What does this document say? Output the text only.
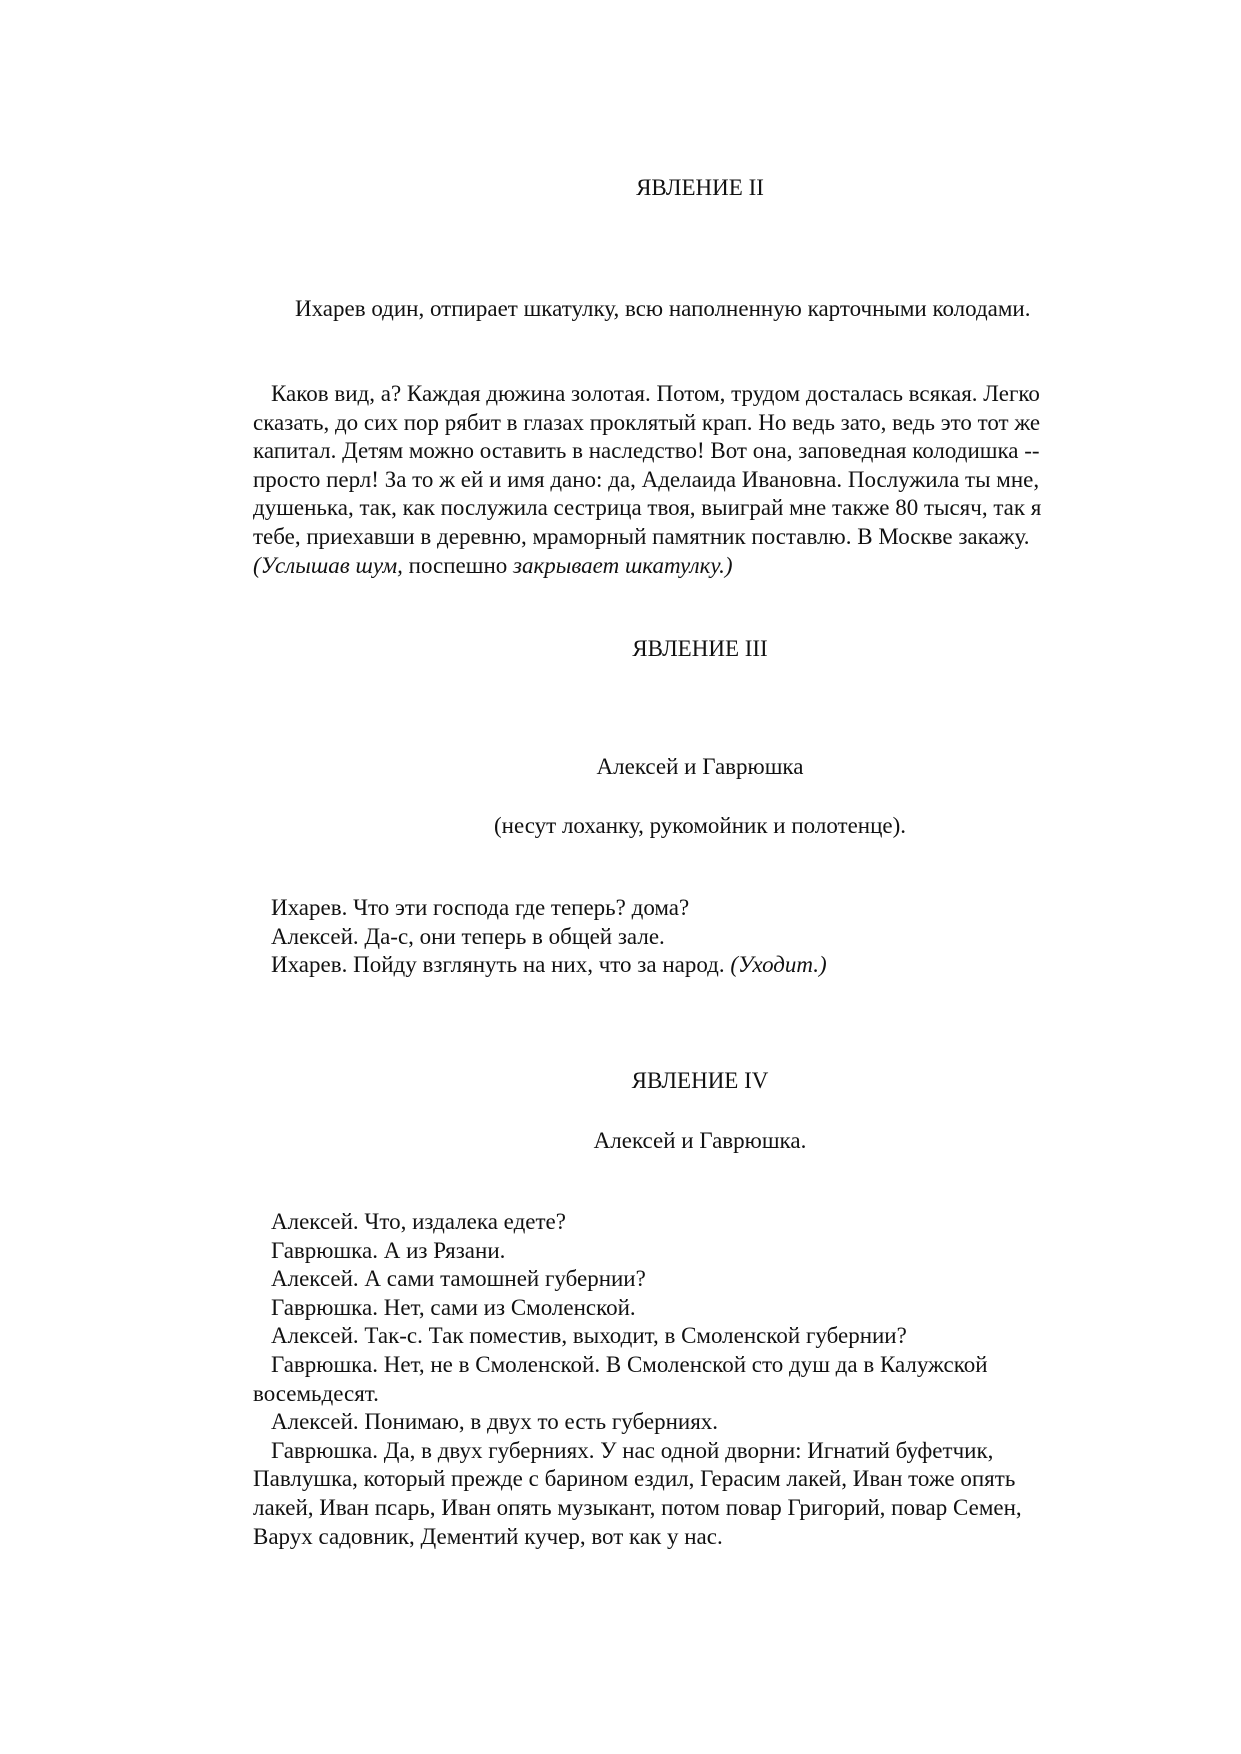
ЯВЛЕНИЕ II
Ихарев один, отпирает шкатулку, всю наполненную карточными колодами.
Каков вид, а? Каждая дюжина золотая. Потом, трудом досталась всякая. Легко
сказать, до сих пор рябит в глазах проклятый крап. Но ведь зато, ведь это тот же
капитал. Детям можно оставить в наследство! Вот она, заповедная колодишка --
просто перл! За то ж ей и имя дано: да, Аделаида Ивановна. Послужила ты мне,
душенька, так, как послужила сестрица твоя, выиграй мне также 80 тысяч, так я
тебе, приехавши в деревню, мраморный памятник поставлю. В Москве закажу.
(Услышав шум, поспешно закрывает шкатулку.)
ЯВЛЕНИЕ III
Алексей и Гаврюшка
(несут лоханку, рукомойник и полотенце).
Ихарев. Что эти господа где теперь? дома?
Алексей. Да-с, они теперь в общей зале.
Ихарев. Пойду взглянуть на них, что за народ. (Уходит.)
ЯВЛЕНИЕ IV
Алексей и Гаврюшка.
Алексей. Что, издалека едете?
Гаврюшка. А из Рязани.
Алексей. А сами тамошней губернии?
Гаврюшка. Нет, сами из Смоленской.
Алексей. Так-с. Так поместив, выходит, в Смоленской губернии?
Гаврюшка. Нет, не в Смоленской. В Смоленской сто душ да в Калужской
восемьдесят.
Алексей. Понимаю, в двух то есть губерниях.
Гаврюшка. Да, в двух губерниях. У нас одной дворни: Игнатий буфетчик,
Павлушка, который прежде с барином ездил, Герасим лакей, Иван тоже опять
лакей, Иван псарь, Иван опять музыкант, потом повар Григорий, повар Семен,
Варух садовник, Дементий кучер, вот как у нас.
